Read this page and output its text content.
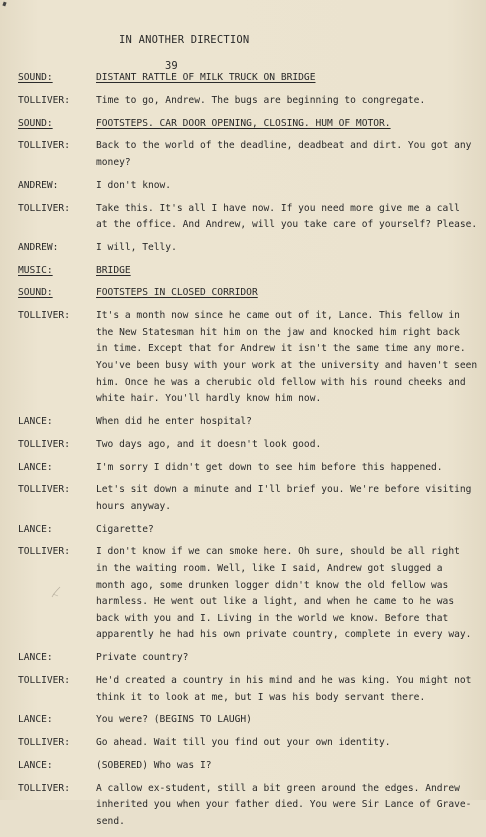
IN ANOTHER DIRECTION
39
SOUND:	DISTANT RATTLE OF MILK TRUCK ON BRIDGE
TOLLIVER:	Time to go, Andrew. The bugs are beginning to congregate.
SOUND:	FOOTSTEPS. CAR DOOR OPENING, CLOSING. HUM OF MOTOR.
TOLLIVER:	Back to the world of the deadline, deadbeat and dirt. You got any
money?
ANDREW:	I don't know.
TOLLIVER:	Take this. It's all I have now. If you need more give me a call
at the office. And Andrew, will you take care of yourself? Please.
ANDREW:	I will, Telly.
MUSIC:	BRIDGE
SOUND:	FOOTSTEPS IN CLOSED CORRIDOR
TOLLIVER:	It's a month now since he came out of it, Lance. This fellow in
the New Statesman hit him on the jaw and knocked him right back
in time. Except that for Andrew it isn't the same time any more.
You've been busy with your work at the university and haven't seen
him. Once he was a cherubic old fellow with his round cheeks and
white hair. You'll hardly know him now.
LANCE:	When did he enter hospital?
TOLLIVER:	Two days ago, and it doesn't look good.
LANCE:	I'm sorry I didn't get down to see him before this happened.
TOLLIVER:	Let's sit down a minute and I'll brief you. We're before visiting
hours anyway.
LANCE:	Cigarette?
TOLLIVER:	I don't know if we can smoke here. Oh sure, should be all right
in the waiting room. Well, like I said, Andrew got slugged a
month ago, some drunken logger didn't know the old fellow was
harmless. He went out like a light, and when he came to he was
back with you and I. Living in the world we know. Before that
apparently he had his own private country, complete in every way.
LANCE:	Private country?
TOLLIVER:	He'd created a country in his mind and he was king. You might not
think it to look at me, but I was his body servant there.
LANCE:	You were? (BEGINS TO LAUGH)
TOLLIVER:	Go ahead. Wait till you find out your own identity.
LANCE:	(SOBERED) Who was I?
TOLLIVER:	A callow ex-student, still a bit green around the edges. Andrew
inherited you when your father died. You were Sir Lance of Grave-
send.
